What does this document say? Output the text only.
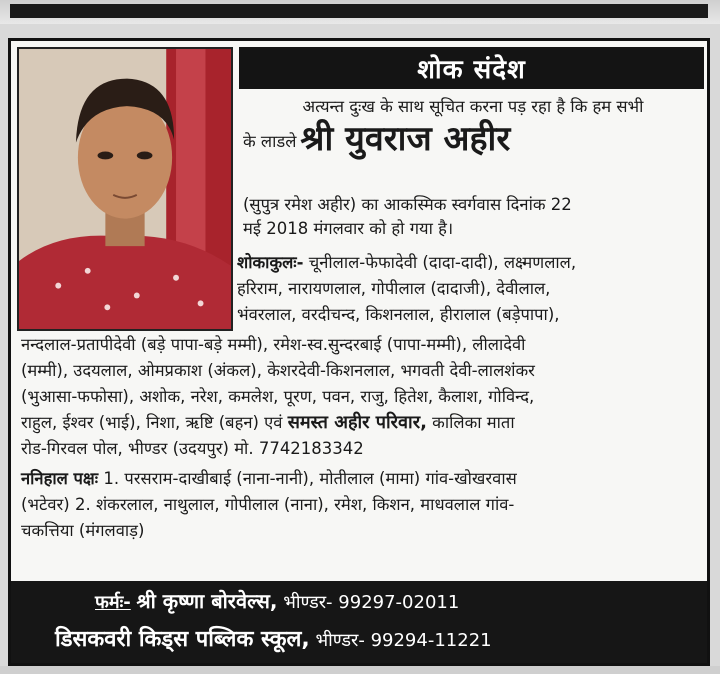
शोक संदेश
अत्यन्त दुःख के साथ सूचित करना पड़ रहा है कि हम सभी
के लाडले श्री युवराज अहीर
(सुपुत्र रमेश अहीर) का आकस्मिक स्वर्गवास दिनांक 22
मई 2018 मंगलवार को हो गया है।
शोकाकुलः- चूनीलाल-फेफादेवी (दादा-दादी), लक्ष्मणलाल,
हरिराम, नारायणलाल, गोपीलाल (दादाजी), देवीलाल,
भंवरलाल, वरदीचन्द, किशनलाल, हीरालाल (बड़ेपापा),
नन्दलाल-प्रतापीदेवी (बड़े पापा-बड़े मम्मी), रमेश-स्व.सुन्दरबाई (पापा-मम्मी), लीलादेवी
(मम्मी), उदयलाल, ओमप्रकाश (अंकल), केशरदेवी-किशनलाल, भगवती देवी-लालशंकर
(भुआसा-फफोसा), अशोक, नरेश, कमलेश, पूरण, पवन, राजु, हितेश, कैलाश, गोविन्द,
राहुल, ईश्वर (भाई), निशा, ऋष्टि (बहन) एवं समस्त अहीर परिवार, कालिका माता
रोड-गिरवल पोल, भीण्डर (उदयपुर) मो. 7742183342
ननिहाल पक्षः 1. परसराम-दाखीबाई (नाना-नानी), मोतीलाल (मामा) गांव-खोखरवास
(भटेवर) 2. शंकरलाल, नाथुलाल, गोपीलाल (नाना), रमेश, किशन, माधवलाल गांव-
चकत्तिया (मंगलवाड़)
फर्मः- श्री कृष्णा बोरवेल्स, भीण्डर- 99297-02011
डिसकवरी किड्स पब्लिक स्कूल, भीण्डर- 99294-11221
